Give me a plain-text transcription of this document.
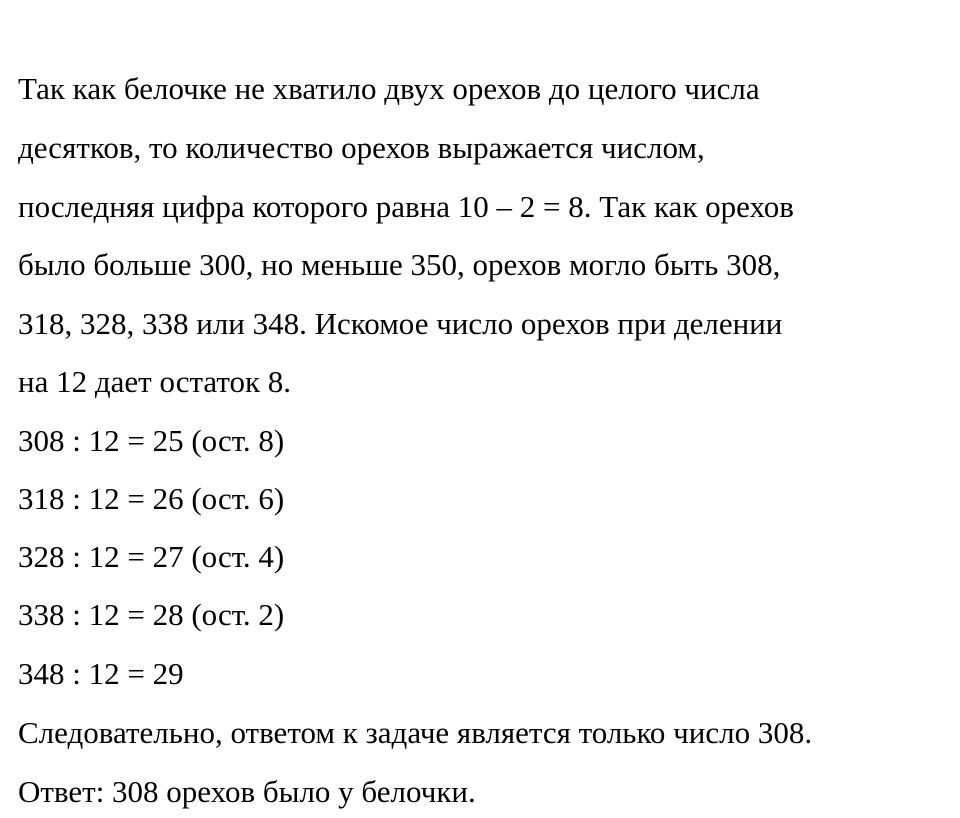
Так как белочке не хватило двух орехов до целого числа

десятков, то количество орехов выражается числом,

последняя цифра которого равна 10 – 2 = 8. Так как орехов

было больше 300, но меньше 350, орехов могло быть 308,

318, 328, 338 или 348. Искомое число орехов при делении

на 12 дает остаток 8.

308 : 12 = 25 (ост. 8)

318 : 12 = 26 (ост. 6)

328 : 12 = 27 (ост. 4)

338 : 12 = 28 (ост. 2)

348 : 12 = 29

Следовательно, ответом к задаче является только число 308.

Ответ: 308 орехов было у белочки.
